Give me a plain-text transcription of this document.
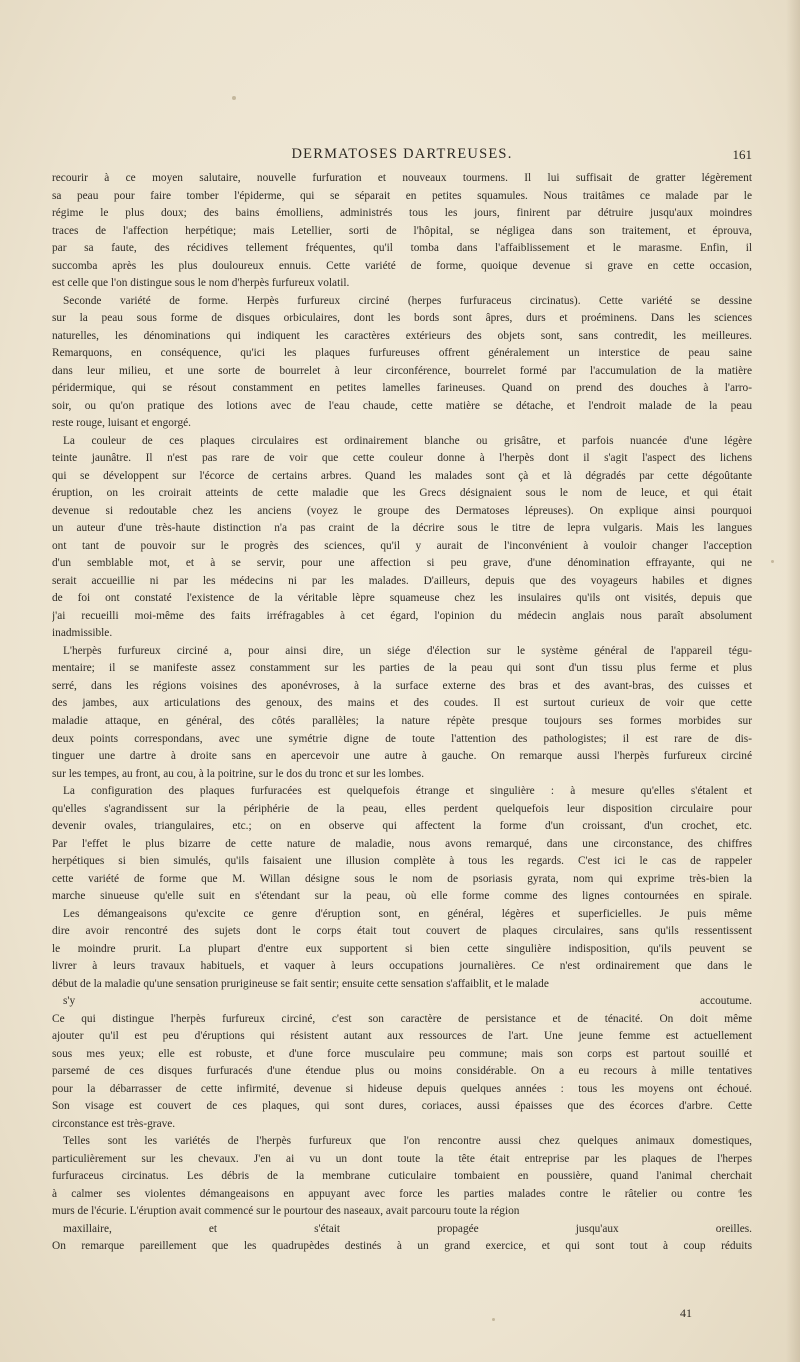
DERMATOSES DARTREUSES.	161
recourir à ce moyen salutaire, nouvelle furfuration et nouveaux tourmens. Il lui suffisait de gratter légèrement
sa peau pour faire tomber l'épiderme, qui se séparait en petites squamules. Nous traitâmes ce malade par le
régime le plus doux; des bains émolliens, administrés tous les jours, finirent par détruire jusqu'aux moindres
traces de l'affection herpétique; mais Letellier, sorti de l'hôpital, se négligea dans son traitement, et éprouva,
par sa faute, des récidives tellement fréquentes, qu'il tomba dans l'affaiblissement et le marasme. Enfin, il
succomba après les plus douloureux ennuis. Cette variété de forme, quoique devenue si grave en cette occasion,
est celle que l'on distingue sous le nom d'herpès furfureux volatil.
Seconde variété de forme. Herpès furfureux circiné (herpes furfuraceus circinatus). Cette variété se dessine
sur la peau sous forme de disques orbiculaires, dont les bords sont âpres, durs et proéminens. Dans les sciences
naturelles, les dénominations qui indiquent les caractères extérieurs des objets sont, sans contredit, les meilleures.
Remarquons, en conséquence, qu'ici les plaques furfureuses offrent généralement un interstice de peau saine
dans leur milieu, et une sorte de bourrelet à leur circonférence, bourrelet formé par l'accumulation de la matière
péridermique, qui se résout constamment en petites lamelles farineuses. Quand on prend des douches à l'arro-
soir, ou qu'on pratique des lotions avec de l'eau chaude, cette matière se détache, et l'endroit malade de la peau
reste rouge, luisant et engorgé.
La couleur de ces plaques circulaires est ordinairement blanche ou grisâtre, et parfois nuancée d'une légère
teinte jaunâtre. Il n'est pas rare de voir que cette couleur donne à l'herpès dont il s'agit l'aspect des lichens
qui se développent sur l'écorce de certains arbres. Quand les malades sont çà et là dégradés par cette dégoûtante
éruption, on les croirait atteints de cette maladie que les Grecs désignaient sous le nom de leuce, et qui était
devenue si redoutable chez les anciens (voyez le groupe des Dermatoses lépreuses). On explique ainsi pourquoi
un auteur d'une très-haute distinction n'a pas craint de la décrire sous le titre de lepra vulgaris. Mais les langues
ont tant de pouvoir sur le progrès des sciences, qu'il y aurait de l'inconvénient à vouloir changer l'acception
d'un semblable mot, et à se servir, pour une affection si peu grave, d'une dénomination effrayante, qui ne
serait accueillie ni par les médecins ni par les malades. D'ailleurs, depuis que des voyageurs habiles et dignes
de foi ont constaté l'existence de la véritable lèpre squameuse chez les insulaires qu'ils ont visités, depuis que
j'ai recueilli moi-même des faits irréfragables à cet égard, l'opinion du médecin anglais nous paraît absolument
inadmissible.
L'herpès furfureux circiné a, pour ainsi dire, un siége d'élection sur le système général de l'appareil tégu-
mentaire; il se manifeste assez constamment sur les parties de la peau qui sont d'un tissu plus ferme et plus
serré, dans les régions voisines des aponévroses, à la surface externe des bras et des avant-bras, des cuisses et
des jambes, aux articulations des genoux, des mains et des coudes. Il est surtout curieux de voir que cette
maladie attaque, en général, des côtés parallèles; la nature répète presque toujours ses formes morbides sur
deux points correspondans, avec une symétrie digne de toute l'attention des pathologistes; il est rare de dis-
tinguer une dartre à droite sans en apercevoir une autre à gauche. On remarque aussi l'herpès furfureux circiné
sur les tempes, au front, au cou, à la poitrine, sur le dos du tronc et sur les lombes.
La configuration des plaques furfuracées est quelquefois étrange et singulière : à mesure qu'elles s'étalent et
qu'elles s'agrandissent sur la périphérie de la peau, elles perdent quelquefois leur disposition circulaire pour
devenir ovales, triangulaires, etc.; on en observe qui affectent la forme d'un croissant, d'un crochet, etc.
Par l'effet le plus bizarre de cette nature de maladie, nous avons remarqué, dans une circonstance, des chiffres
herpétiques si bien simulés, qu'ils faisaient une illusion complète à tous les regards. C'est ici le cas de rappeler
cette variété de forme que M. Willan désigne sous le nom de psoriasis gyrata, nom qui exprime très-bien la
marche sinueuse qu'elle suit en s'étendant sur la peau, où elle forme comme des lignes contournées en spirale.
Les démangeaisons qu'excite ce genre d'éruption sont, en général, légères et superficielles. Je puis même
dire avoir rencontré des sujets dont le corps était tout couvert de plaques circulaires, sans qu'ils ressentissent
le moindre prurit. La plupart d'entre eux supportent si bien cette singulière indisposition, qu'ils peuvent se
livrer à leurs travaux habituels, et vaquer à leurs occupations journalières. Ce n'est ordinairement que dans le
début de la maladie qu'une sensation prurigineuse se fait sentir; ensuite cette sensation s'affaiblit, et le malade
s'y accoutume.
Ce qui distingue l'herpès furfureux circiné, c'est son caractère de persistance et de ténacité. On doit même
ajouter qu'il est peu d'éruptions qui résistent autant aux ressources de l'art. Une jeune femme est actuellement
sous mes yeux; elle est robuste, et d'une force musculaire peu commune; mais son corps est partout souillé et
parsemé de ces disques furfuracés d'une étendue plus ou moins considérable. On a eu recours à mille tentatives
pour la débarrasser de cette infirmité, devenue si hideuse depuis quelques années : tous les moyens ont échoué.
Son visage est couvert de ces plaques, qui sont dures, coriaces, aussi épaisses que des écorces d'arbre. Cette
circonstance est très-grave.
Telles sont les variétés de l'herpès furfureux que l'on rencontre aussi chez quelques animaux domestiques,
particulièrement sur les chevaux. J'en ai vu un dont toute la tête était entreprise par les plaques de l'herpes
furfuraceus circinatus. Les débris de la membrane cuticulaire tombaient en poussière, quand l'animal cherchait
à calmer ses violentes démangeaisons en appuyant avec force les parties malades contre le râtelier ou contre les
murs de l'écurie. L'éruption avait commencé sur le pourtour des naseaux, avait parcouru toute la région
maxillaire, et s'était propagée jusqu'aux oreilles.
On remarque pareillement que les quadrupèdes destinés à un grand exercice, et qui sont tout à coup réduits
41
